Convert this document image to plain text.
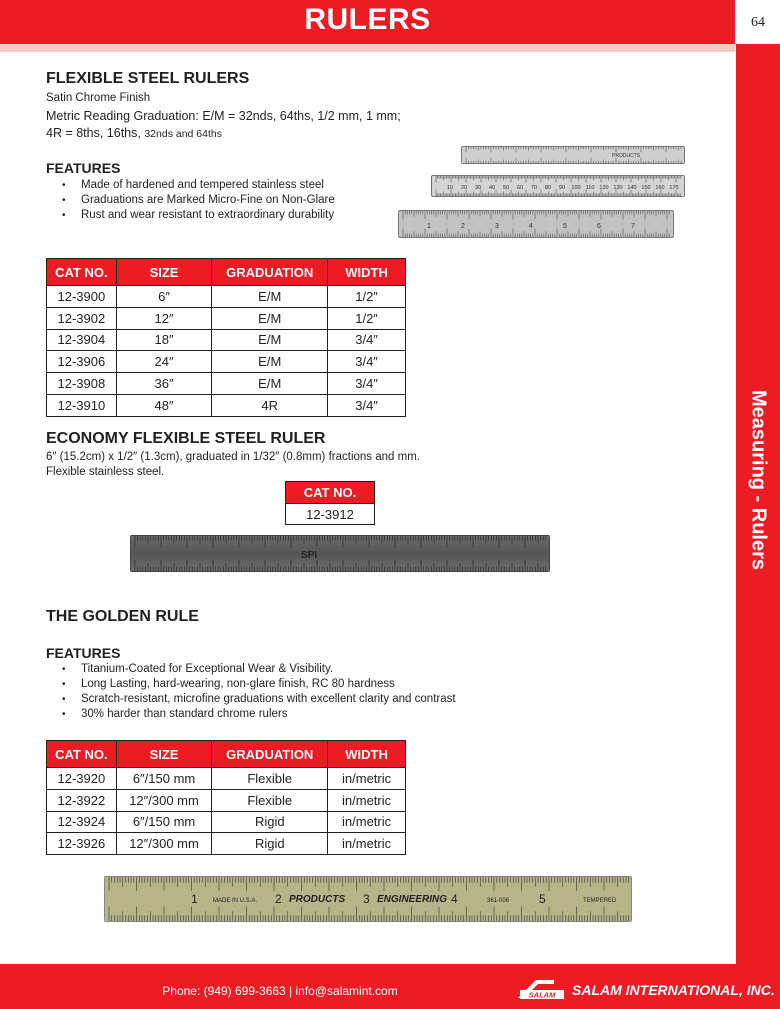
RULERS	64
Measuring - Rulers
FLEXIBLE STEEL RULERS
Satin Chrome Finish
Metric Reading Graduation: E/M = 32nds, 64ths, 1/2 mm, 1 mm;
4R = 8ths, 16ths, 32nds and 64ths
FEATURES
• Made of hardened and tempered stainless steel
• Graduations are Marked Micro-Fine on Non-Glare
• Rust and wear resistant to extraordinary durability
PRODUCTS
10 20 30 40 50 60 70 80 90 100 110 120 130 140 150 160 170
1	2	3	4	5	6	7
CAT NO.	SIZE	GRADUATION	WIDTH
12-3900	6″	E/M	1/2″
12-3902	12″	E/M	1/2″
12-3904	18″	E/M	3/4″
12-3906	24″	E/M	3/4″
12-3908	36″	E/M	3/4″
12-3910	48″	4R	3/4″
ECONOMY FLEXIBLE STEEL RULER
6″ (15.2cm) x 1/2″ (1.3cm), graduated in 1/32″ (0.8mm) fractions and mm.
Flexible stainless steel.
CAT NO.
12-3912
SPI
THE GOLDEN RULE
FEATURES
• Titanium-Coated for Exceptional Wear & Visibility.
• Long Lasting, hard-wearing, non-glare finish, RC 80 hardness
• Scratch-resistant, microfine graduations with excellent clarity and contrast
• 30% harder than standard chrome rulers
CAT NO.	SIZE	GRADUATION	WIDTH
12-3920	6″/150 mm	Flexible	in/metric
12-3922	12″/300 mm	Flexible	in/metric
12-3924	6″/150 mm	Rigid	in/metric
12-3926	12″/300 mm	Rigid	in/metric
1	MADE IN U.S.A. 2 PRODUCTS 3 ENGINEERING 4	361-006 5	TEMPERED
Phone: (949) 699-3663 | info@salamint.com	SALAM SALAM INTERNATIONAL, INC.
